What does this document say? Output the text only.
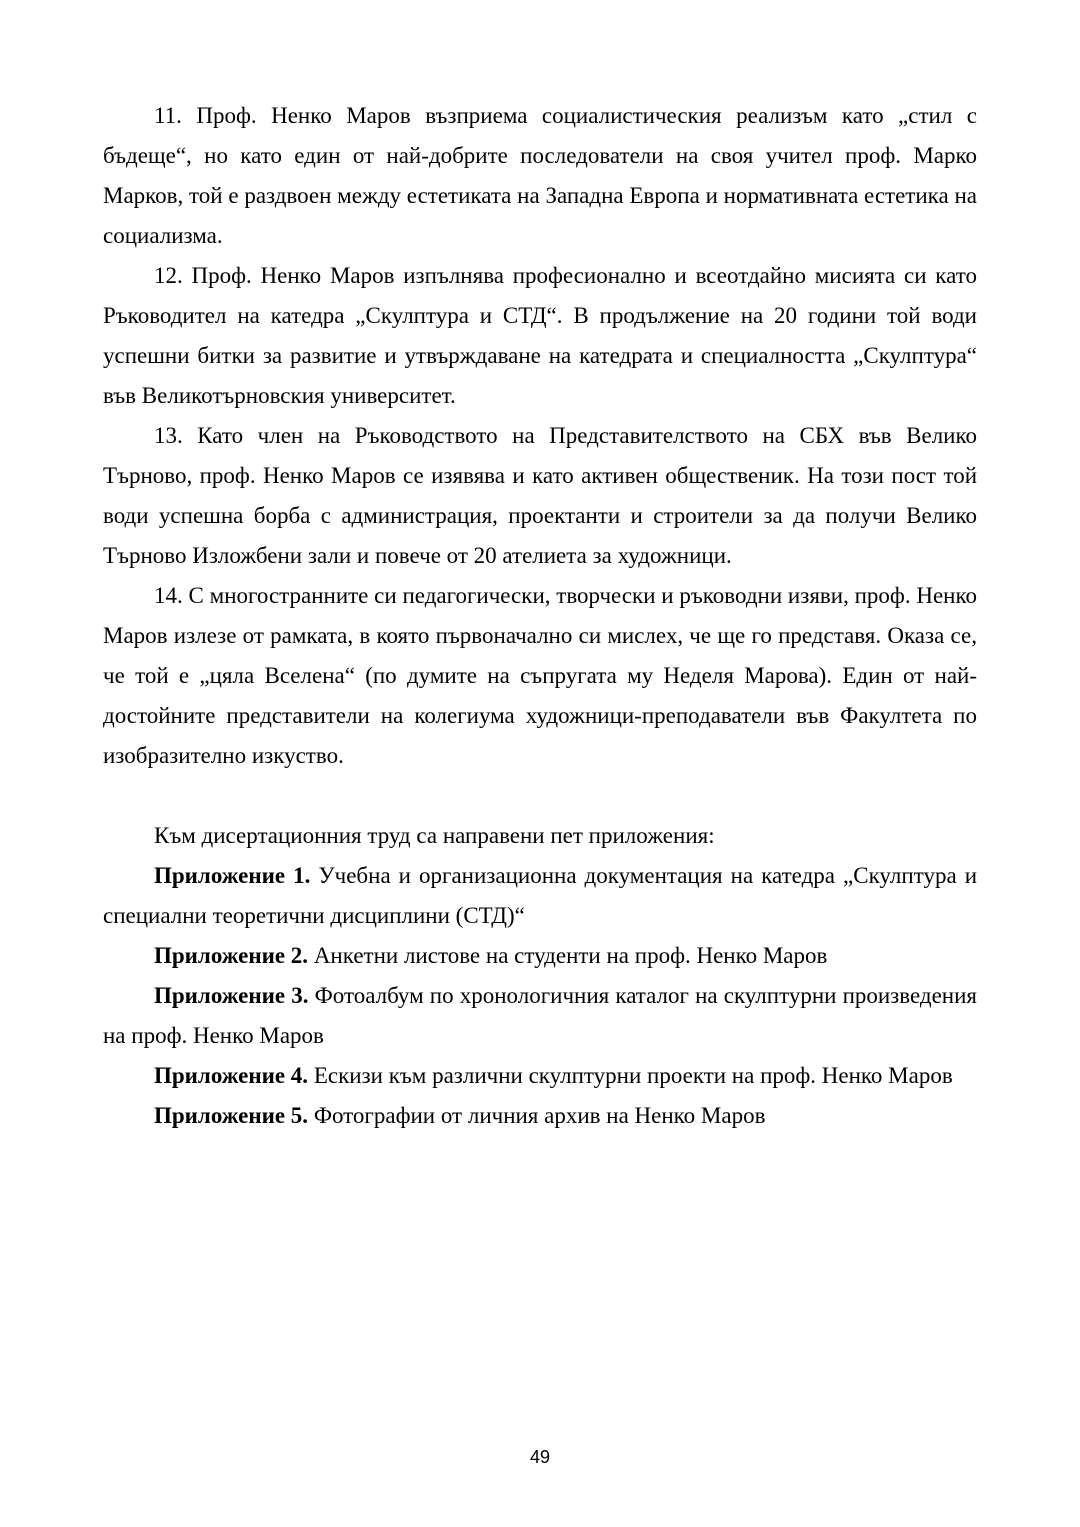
11. Проф. Ненко Маров възприема социалистическия реализъм като „стил с бъдеще“, но като един от най-добрите последователи на своя учител проф. Марко Марков, той е раздвоен между естетиката на Западна Европа и нормативната естетика на социализма.

12. Проф. Ненко Маров изпълнява професионално и всеотдайно мисията си като Ръководител на катедра „Скулптура и СТД“. В продължение на 20 години той води успешни битки за развитие и утвърждаване на катедрата и специалността „Скулптура“ във Великотърновския университет.

13. Като член на Ръководството на Представителството на СБХ във Велико Търново, проф. Ненко Маров се изявява и като активен общественик. На този пост той води успешна борба с администрация, проектанти и строители за да получи Велико Търново Изложбени зали и повече от 20 ателиета за художници.

14. С многостранните си педагогически, творчески и ръководни изяви, проф. Ненко Маров излезе от рамката, в която първоначално си мислех, че ще го представя. Оказа се, че той е „цяла Вселена“ (по думите на съпругата му Неделя Марова). Един от най-достойните представители на колегиума художници-преподаватели във Факултета по изобразително изкуство.

Към дисертационния труд са направени пет приложения:

Приложение 1. Учебна и организационна документация на катедра „Скулптура и специални теоретични дисциплини (СТД)“

Приложение 2. Анкетни листове на студенти на проф. Ненко Маров

Приложение 3. Фотоалбум по хронологичния каталог на скулптурни произведения на проф. Ненко Маров

Приложение 4. Ескизи към различни скулптурни проекти на проф. Ненко Маров

Приложение 5. Фотографии от личния архив на Ненко Маров

49
